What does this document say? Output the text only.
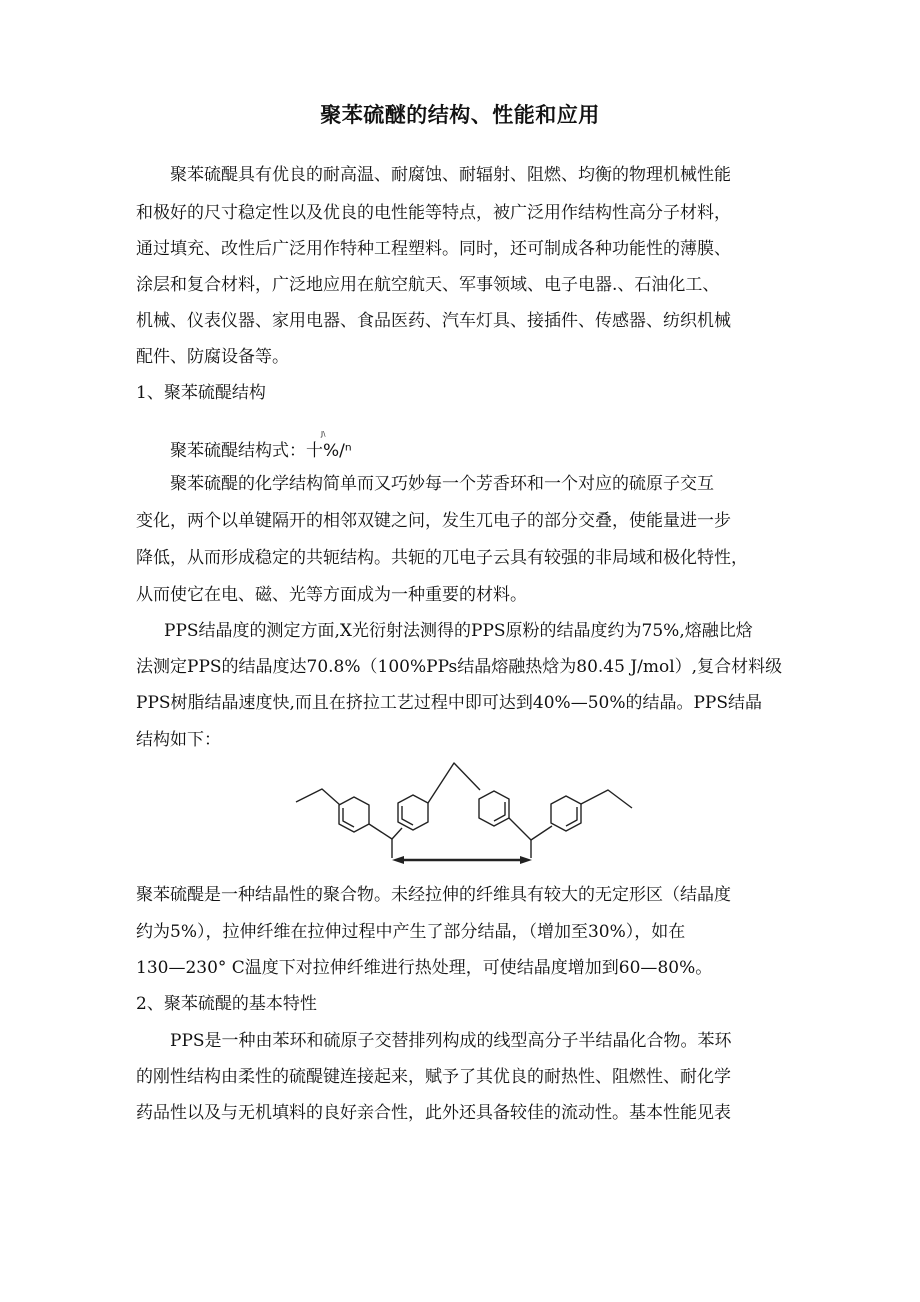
聚苯硫醚的结构、性能和应用
聚苯硫醍具有优良的耐高温、耐腐蚀、耐辐射、阻燃、均衡的物理机械性能
和极好的尺寸稳定性以及优良的电性能等特点，被广泛用作结构性高分子材料，
通过填充、改性后广泛用作特种工程塑料。同时，还可制成各种功能性的薄膜、
涂层和复合材料，广泛地应用在航空航天、军事领域、电子电器.、石油化工、
机械、仪表仪器、家用电器、食品医药、汽车灯具、接插件、传感器、纺织机械
配件、防腐设备等。
1、聚苯硫醍结构
聚苯硫醍结构式：十%/ⁿ
J\
聚苯硫醍的化学结构简单而又巧妙每一个芳香环和一个对应的硫原子交互
变化，两个以单键隔开的相邻双键之问，发生兀电子的部分交叠，使能量进一步
降低，从而形成稳定的共轭结构。共轭的兀电子云具有较强的非局域和极化特性，
从而使它在电、磁、光等方面成为一种重要的材料。
PPS结晶度的测定方面,X光衍射法测得的PPS原粉的结晶度约为75%,熔融比焓
法测定PPS的结晶度达70.8%（100%PPs结晶熔融热焓为80.45 J/mol）,复合材料级
PPS树脂结晶速度快,而且在挤拉工艺过程中即可达到40%—50%的结晶。PPS结晶
结构如下：
聚苯硫醍是一种结晶性的聚合物。未经拉伸的纤维具有较大的无定形区（结晶度
约为5%），拉伸纤维在拉伸过程中产生了部分结晶，（增加至30%），如在
130—230° C温度下对拉伸纤维进行热处理，可使结晶度增加到60—80%。
2、聚苯硫醍的基本特性
PPS是一种由苯环和硫原子交替排列构成的线型高分子半结晶化合物。苯环
的刚性结构由柔性的硫醍键连接起来，赋予了其优良的耐热性、阻燃性、耐化学
药品性以及与无机填料的良好亲合性，此外还具备较佳的流动性。基本性能见表
